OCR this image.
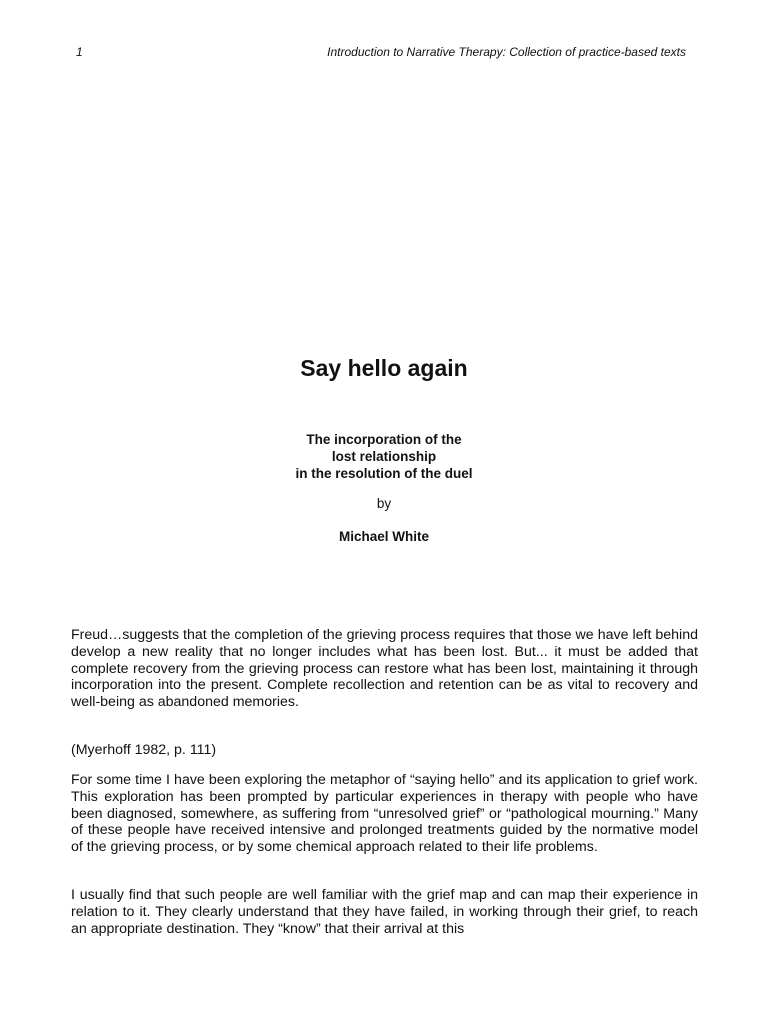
1	Introduction to Narrative Therapy: Collection of practice-based texts
Say hello again
The incorporation of the
lost relationship
in the resolution of the duel
by
Michael White

Freud…suggests that the completion of the grieving process requires that those we have left behind develop a new reality that no longer includes what has been lost. But... it must be added that complete recovery from the grieving process can restore what has been lost, maintaining it through incorporation into the present. Complete recollection and retention can be as vital to recovery and well-being as abandoned memories.

(Myerhoff 1982, p. 111)

For some time I have been exploring the metaphor of “saying hello” and its application to grief work. This exploration has been prompted by particular experiences in therapy with people who have been diagnosed, somewhere, as suffering from “unresolved grief” or “pathological mourning.” Many of these people have received intensive and prolonged treatments guided by the normative model of the grieving process, or by some chemical approach related to their life problems.

I usually find that such people are well familiar with the grief map and can map their experience in relation to it. They clearly understand that they have failed, in working through their grief, to reach an appropriate destination. They “know” that their arrival at this
